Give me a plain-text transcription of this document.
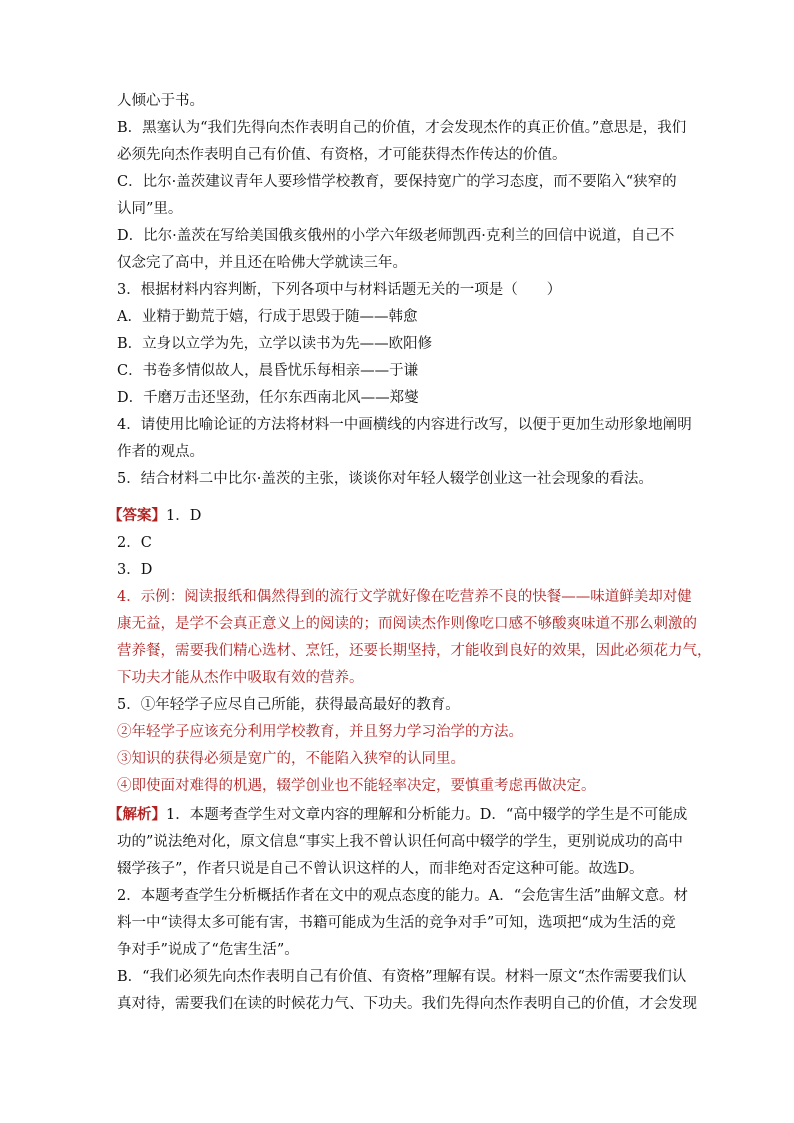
人倾心于书。
B．黑塞认为“我们先得向杰作表明自己的价值，才会发现杰作的真正价值。”意思是，我们
必须先向杰作表明自己有价值、有资格，才可能获得杰作传达的价值。
C．比尔·盖茨建议青年人要珍惜学校教育，要保持宽广的学习态度，而不要陷入“狭窄的
认同”里。
D．比尔·盖茨在写给美国俄亥俄州的小学六年级老师凯西·克利兰的回信中说道，自己不
仅念完了高中，并且还在哈佛大学就读三年。
3．根据材料内容判断，下列各项中与材料话题无关的一项是（　　）
A．业精于勤荒于嬉，行成于思毁于随——韩愈
B．立身以立学为先，立学以读书为先——欧阳修
C．书卷多情似故人，晨昏忧乐每相亲——于谦
D．千磨万击还坚劲，任尔东西南北风——郑燮
4．请使用比喻论证的方法将材料一中画横线的内容进行改写，以便于更加生动形象地阐明
作者的观点。
5．结合材料二中比尔·盖茨的主张，谈谈你对年轻人辍学创业这一社会现象的看法。
【答案】1．D
2．C
3．D
4．示例：阅读报纸和偶然得到的流行文学就好像在吃营养不良的快餐——味道鲜美却对健
康无益，是学不会真正意义上的阅读的；而阅读杰作则像吃口感不够酸爽味道不那么刺激的
营养餐，需要我们精心选材、烹饪，还要长期坚持，才能收到良好的效果，因此必须花力气，
下功夫才能从杰作中吸取有效的营养。
5．①年轻学子应尽自己所能，获得最高最好的教育。
②年轻学子应该充分利用学校教育，并且努力学习治学的方法。
③知识的获得必须是宽广的，不能陷入狭窄的认同里。
④即使面对难得的机遇，辍学创业也不能轻率决定，要慎重考虑再做决定。
【解析】1．本题考查学生对文章内容的理解和分析能力。D．“高中辍学的学生是不可能成
功的”说法绝对化，原文信息“事实上我不曾认识任何高中辍学的学生，更别说成功的高中
辍学孩子”，作者只说是自己不曾认识这样的人，而非绝对否定这种可能。故选D。
2．本题考查学生分析概括作者在文中的观点态度的能力。A．“会危害生活”曲解文意。材
料一中“读得太多可能有害，书籍可能成为生活的竞争对手”可知，选项把“成为生活的竞
争对手”说成了“危害生活”。
B．“我们必须先向杰作表明自己有价值、有资格”理解有误。材料一原文“杰作需要我们认
真对待，需要我们在读的时候花力气、下功夫。我们先得向杰作表明自己的价值，才会发现
